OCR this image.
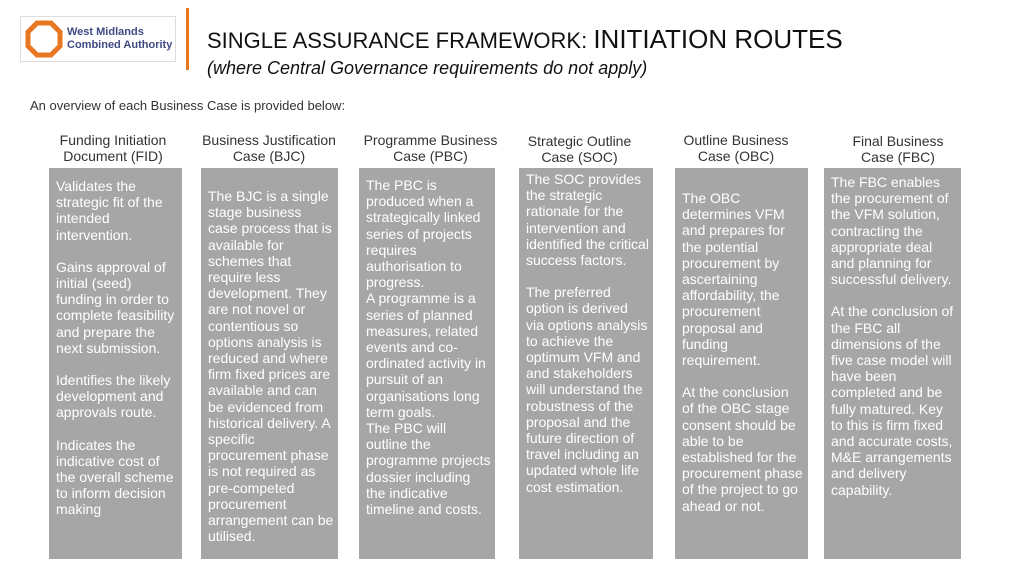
West Midlands
Combined Authority SINGLE ASSURANCE FRAMEWORK: INITIATION ROUTES
(where Central Governance requirements do not apply)
An overview of each Business Case is provided below:
Funding Initiation
Document (FID)

Validates the strategic fit of the intended intervention.

Gains approval of initial (seed) funding in order to complete feasibility and prepare the next submission.

Identifies the likely development and approvals route.

Indicates the indicative cost of the overall scheme to inform decision making

Business Justification
Case (BJC)

The BJC is a single stage business case process that is available for schemes that require less development. They are not novel or contentious so options analysis is reduced and where firm fixed prices are available and can be evidenced from historical delivery. A specific procurement phase is not required as pre-competed procurement arrangement can be utilised.

Programme Business
Case (PBC)

The PBC is produced when a strategically linked series of projects requires authorisation to progress.

A programme is a series of planned measures, related events and co-ordinated activity in pursuit of an organisations long term goals.

The PBC will outline the programme projects dossier including the indicative timeline and costs.

Strategic Outline
Case (SOC)

The SOC provides the strategic rationale for the intervention and identified the critical success factors.

The preferred option is derived via options analysis to achieve the optimum VFM and and stakeholders will understand the robustness of the proposal and the future direction of travel including an updated whole life cost estimation.

Outline Business
Case (OBC)

The OBC determines VFM and prepares for the potential procurement by ascertaining affordability, the procurement proposal and funding requirement.

At the conclusion of the OBC stage consent should be able to be established for the procurement phase of the project to go ahead or not.

Final Business
Case (FBC)

The FBC enables the procurement of the VFM solution, contracting the appropriate deal and planning for successful delivery.

At the conclusion of the FBC all dimensions of the five case model will have been completed and be fully matured. Key to this is firm fixed and accurate costs, M&E arrangements and delivery capability.
